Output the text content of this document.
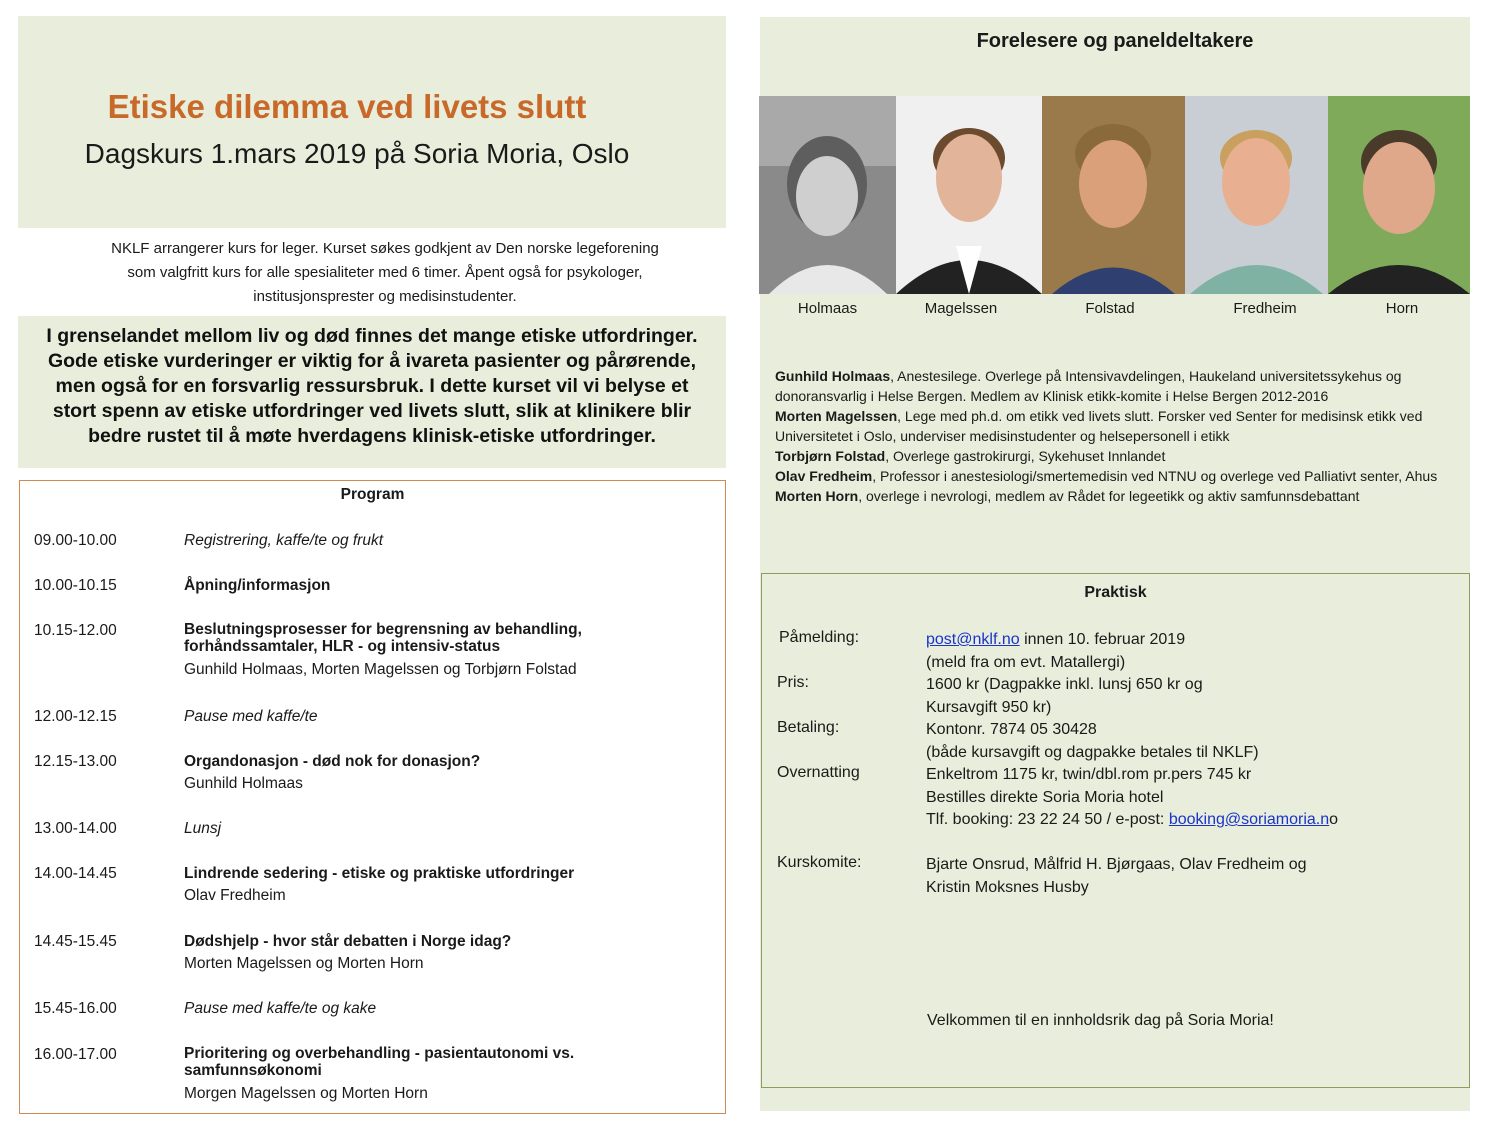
Etiske dilemma ved livets slutt
Dagskurs 1.mars 2019 på Soria Moria, Oslo
NKLF arrangerer kurs for leger. Kurset søkes godkjent av Den norske legeforening
som valgfritt kurs for alle spesialiteter med 6 timer. Åpent også for psykologer,
institusjonsprester og medisinstudenter.
I grenselandet mellom liv og død finnes det mange etiske utfordringer.
Gode etiske vurderinger er viktig for å ivareta pasienter og pårørende,
men også for en forsvarlig ressursbruk. I dette kurset vil vi belyse et
stort spenn av etiske utfordringer ved livets slutt, slik at klinikere blir
bedre rustet til å møte hverdagens klinisk-etiske utfordringer.
Program
09.00-10.00	Registrering, kaffe/te og frukt
10.00-10.15	Åpning/informasjon
10.15-12.00	Beslutningsprosesser for begrensning av behandling, forhåndssamtaler, HLR - og intensiv-status
Gunhild Holmaas, Morten Magelssen og Torbjørn Folstad
12.00-12.15	Pause med kaffe/te
12.15-13.00	Organdonasjon - død nok for donasjon?
Gunhild Holmaas
13.00-14.00	Lunsj
14.00-14.45	Lindrende sedering - etiske og praktiske utfordringer
Olav Fredheim
14.45-15.45	Dødshjelp - hvor står debatten i Norge idag?
Morten Magelssen og Morten Horn
15.45-16.00	Pause med kaffe/te og kake
16.00-17.00	Prioritering og overbehandling - pasientautonomi vs. samfunnsøkonomi
Morgen Magelssen og Morten Horn
Forelesere og paneldeltakere
Holmaas	Magelssen	Folstad	Fredheim	Horn
Gunhild Holmaas, Anestesilege. Overlege på Intensivavdelingen, Haukeland universitetssykehus og donoransvarlig i Helse Bergen. Medlem av Klinisk etikk-komite i Helse Bergen 2012-2016
Morten Magelssen, Lege med ph.d. om etikk ved livets slutt. Forsker ved Senter for medisinsk etikk ved Universitetet i Oslo, underviser medisinstudenter og helsepersonell i etikk
Torbjørn Folstad, Overlege gastrokirurgi, Sykehuset Innlandet
Olav Fredheim, Professor i anestesiologi/smertemedisin ved NTNU og overlege ved Palliativt senter, Ahus
Morten Horn, overlege i nevrologi, medlem av Rådet for legeetikk og aktiv samfunnsdebattant
Praktisk
Påmelding:	post@nklf.no innen 10. februar 2019
(meld fra om evt. Matallergi)
Pris:	1600 kr (Dagpakke inkl. lunsj 650 kr og
Kursavgift 950 kr)
Betaling:	Kontonr. 7874 05 30428
(både kursavgift og dagpakke betales til NKLF)
Overnatting	Enkeltrom 1175 kr, twin/dbl.rom pr.pers 745 kr
Bestilles direkte Soria Moria hotel
Tlf. booking: 23 22 24 50 / e-post: booking@soriamoria.no
Kurskomite:	Bjarte Onsrud, Målfrid H. Bjørgaas, Olav Fredheim og
Kristin Moksnes Husby
Velkommen til en innholdsrik dag på Soria Moria!
